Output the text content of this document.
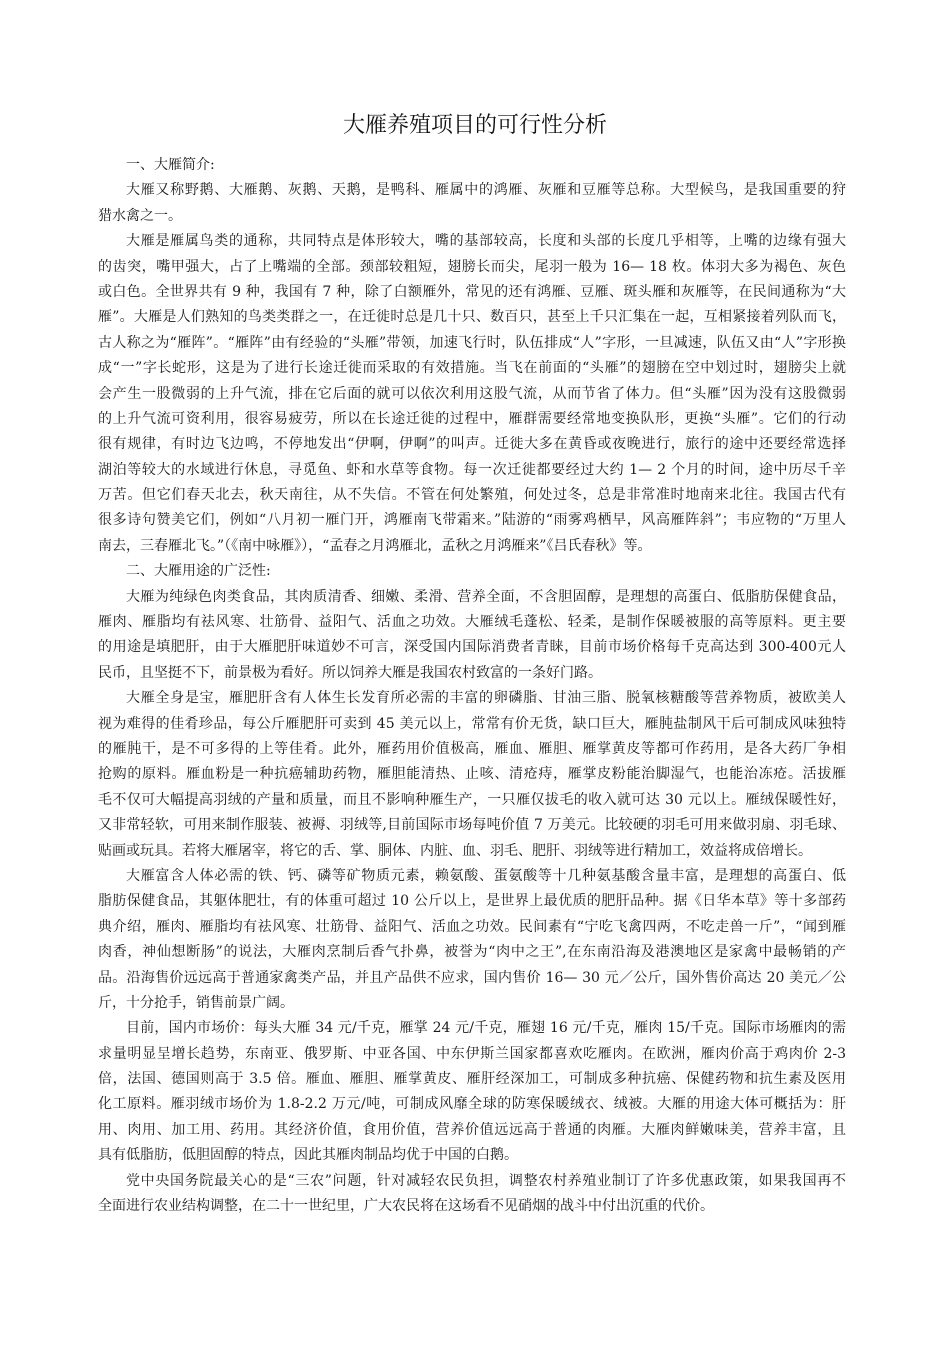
大雁养殖项目的可行性分析
一、大雁简介:
大雁又称野鹅、大雁鹅、灰鹅、天鹅，是鸭科、雁属中的鸿雁、灰雁和豆雁等总称。大型候鸟，是我国重要的狩
猎水禽之一。
大雁是雁属鸟类的通称，共同特点是体形较大，嘴的基部较高，长度和头部的长度几乎相等，上嘴的边缘有强大
的齿突，嘴甲强大，占了上嘴端的全部。颈部较粗短，翅膀长而尖，尾羽一般为 16— 18 枚。体羽大多为褐色、灰色
或白色。全世界共有 9 种，我国有 7 种，除了白额雁外，常见的还有鸿雁、豆雁、斑头雁和灰雁等，在民间通称为“大
雁”。大雁是人们熟知的鸟类类群之一，在迁徙时总是几十只、数百只，甚至上千只汇集在一起，互相紧接着列队而飞，
古人称之为“雁阵”。“雁阵”由有经验的“头雁”带领，加速飞行时，队伍排成“人”字形，一旦减速，队伍又由“人”字形换
成“一”字长蛇形，这是为了进行长途迁徙而采取的有效措施。当飞在前面的“头雁”的翅膀在空中划过时，翅膀尖上就
会产生一股微弱的上升气流，排在它后面的就可以依次利用这股气流，从而节省了体力。但“头雁”因为没有这股微弱
的上升气流可资利用，很容易疲劳，所以在长途迁徙的过程中，雁群需要经常地变换队形，更换“头雁”。它们的行动
很有规律，有时边飞边鸣，不停地发出“伊啊，伊啊”的叫声。迁徙大多在黄昏或夜晚进行，旅行的途中还要经常选择
湖泊等较大的水域进行休息，寻觅鱼、虾和水草等食物。每一次迁徙都要经过大约 1— 2 个月的时间，途中历尽千辛
万苦。但它们春天北去，秋天南往，从不失信。不管在何处繁殖，何处过冬，总是非常准时地南来北往。我国古代有
很多诗句赞美它们，例如“八月初一雁门开，鸿雁南飞带霜来。”陆游的“雨雾鸡栖早，风高雁阵斜”；韦应物的“万里人
南去，三春雁北飞。”（《南中咏雁》），“孟春之月鸿雁北，孟秋之月鸿雁来”《吕氏春秋》等。
二、大雁用途的广泛性:
大雁为纯绿色肉类食品，其肉质清香、细嫩、柔滑、营养全面，不含胆固醇，是理想的高蛋白、低脂肪保健食品，
雁肉、雁脂均有祛风寒、壮筋骨、益阳气、活血之功效。大雁绒毛蓬松、轻柔，是制作保暖被服的高等原料。更主要
的用途是填肥肝，由于大雁肥肝味道妙不可言，深受国内国际消费者青睐，目前市场价格每千克高达到 300-400元人
民币，且坚挺不下，前景极为看好。所以饲养大雁是我国农村致富的一条好门路。
大雁全身是宝，雁肥肝含有人体生长发育所必需的丰富的卵磷脂、甘油三脂、脱氧核糖酸等营养物质，被欧美人
视为难得的佳肴珍品，每公斤雁肥肝可卖到 45 美元以上，常常有价无货，缺口巨大，雁肫盐制风干后可制成风味独特
的雁肫干，是不可多得的上等佳肴。此外，雁药用价值极高，雁血、雁胆、雁掌黄皮等都可作药用，是各大药厂争相
抢购的原料。雁血粉是一种抗癌辅助药物，雁胆能清热、止咳、清疮痔，雁掌皮粉能治脚湿气，也能治冻疮。活拔雁
毛不仅可大幅提高羽绒的产量和质量，而且不影响种雁生产，一只雁仅拔毛的收入就可达 30 元以上。雁绒保暖性好，
又非常轻软，可用来制作服装、被褥、羽绒等,目前国际市场每吨价值 7 万美元。比较硬的羽毛可用来做羽扇、羽毛球、
贴画或玩具。若将大雁屠宰，将它的舌、掌、胴体、内脏、血、羽毛、肥肝、羽绒等进行精加工，效益将成倍增长。
大雁富含人体必需的铁、钙、磷等矿物质元素，赖氨酸、蛋氨酸等十几种氨基酸含量丰富，是理想的高蛋白、低
脂肪保健食品，其躯体肥壮，有的体重可超过 10 公斤以上，是世界上最优质的肥肝品种。据《日华本草》等十多部药
典介绍，雁肉、雁脂均有祛风寒、壮筋骨、益阳气、活血之功效。民间素有“宁吃飞禽四两，不吃走兽一斤”，“闻到雁
肉香，神仙想断肠”的说法，大雁肉烹制后香气扑鼻，被誉为“肉中之王”,在东南沿海及港澳地区是家禽中最畅销的产
品。沿海售价远远高于普通家禽类产品，并且产品供不应求，国内售价 16— 30 元／公斤，国外售价高达 20 美元／公
斤，十分抢手，销售前景广阔。
目前，国内市场价：每头大雁 34 元/千克，雁掌 24 元/千克，雁翅 16 元/千克，雁肉 15/千克。国际市场雁肉的需
求量明显呈增长趋势，东南亚、俄罗斯、中亚各国、中东伊斯兰国家都喜欢吃雁肉。在欧洲，雁肉价高于鸡肉价 2-3
倍，法国、德国则高于 3.5 倍。雁血、雁胆、雁掌黄皮、雁肝经深加工，可制成多种抗癌、保健药物和抗生素及医用
化工原料。雁羽绒市场价为 1.8-2.2 万元/吨，可制成风靡全球的防寒保暖绒衣、绒被。大雁的用途大体可概括为：肝
用、肉用、加工用、药用。其经济价值，食用价值，营养价值远远高于普通的肉雁。大雁肉鲜嫩味美，营养丰富，且
具有低脂肪，低胆固醇的特点，因此其雁肉制品均优于中国的白鹅。
党中央国务院最关心的是“三农”问题，针对减轻农民负担，调整农村养殖业制订了许多优惠政策，如果我国再不
全面进行农业结构调整，在二十一世纪里，广大农民将在这场看不见硝烟的战斗中付出沉重的代价。
